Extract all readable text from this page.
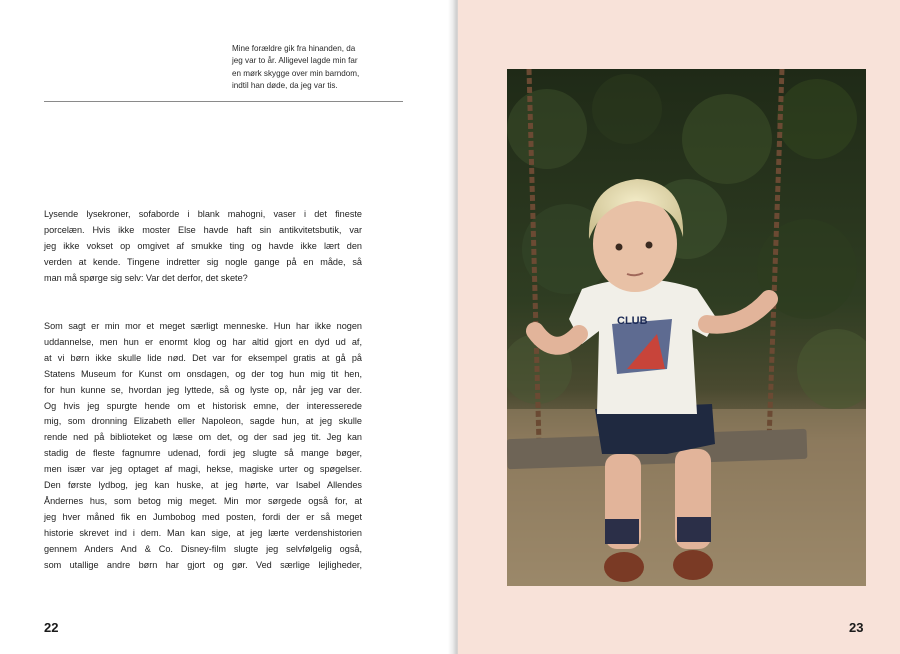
Mine forældre gik fra hinanden, da
jeg var to år. Alligevel lagde min far
en mørk skygge over min barndom,
indtil han døde, da jeg var tis.

Lysende lysekroner, sofaborde i blank mahogni, vaser i det fineste
porcelæn. Hvis ikke moster Else havde haft sin antikvitetsbutik, var
jeg ikke vokset op omgivet af smukke ting og havde ikke lært den
verden at kende. Tingene indretter sig nogle gange på en måde, så
man må spørge sig selv: Var det derfor, det skete?

Som sagt er min mor et meget særligt menneske. Hun har ikke nogen
uddannelse, men hun er enormt klog og har altid gjort en dyd ud af,
at vi børn ikke skulle lide nød. Det var for eksempel gratis at gå på
Statens Museum for Kunst om onsdagen, og der tog hun mig tit hen,
for hun kunne se, hvordan jeg lyttede, så og lyste op, når jeg var der.
Og hvis jeg spurgte hende om et historisk emne, der interesserede
mig, som dronning Elizabeth eller Napoleon, sagde hun, at jeg skulle
rende ned på biblioteket og læse om det, og der sad jeg tit. Jeg kan
stadig de fleste fagnumre udenad, fordi jeg slugte så mange bøger,
men især var jeg optaget af magi, hekse, magiske urter og spøgelser.
Den første lydbog, jeg kan huske, at jeg hørte, var Isabel Allendes
Åndernes hus, som betog mig meget. Min mor sørgede også for, at
jeg hver måned fik en Jumbobog med posten, fordi der er så meget
historie skrevet ind i dem. Man kan sige, at jeg lærte verdenshistorien
gennem Anders And & Co. Disney-film slugte jeg selvfølgelig også,
som utallige andre børn har gjort og gør. Ved særlige lejligheder,

22
CLUB
23
